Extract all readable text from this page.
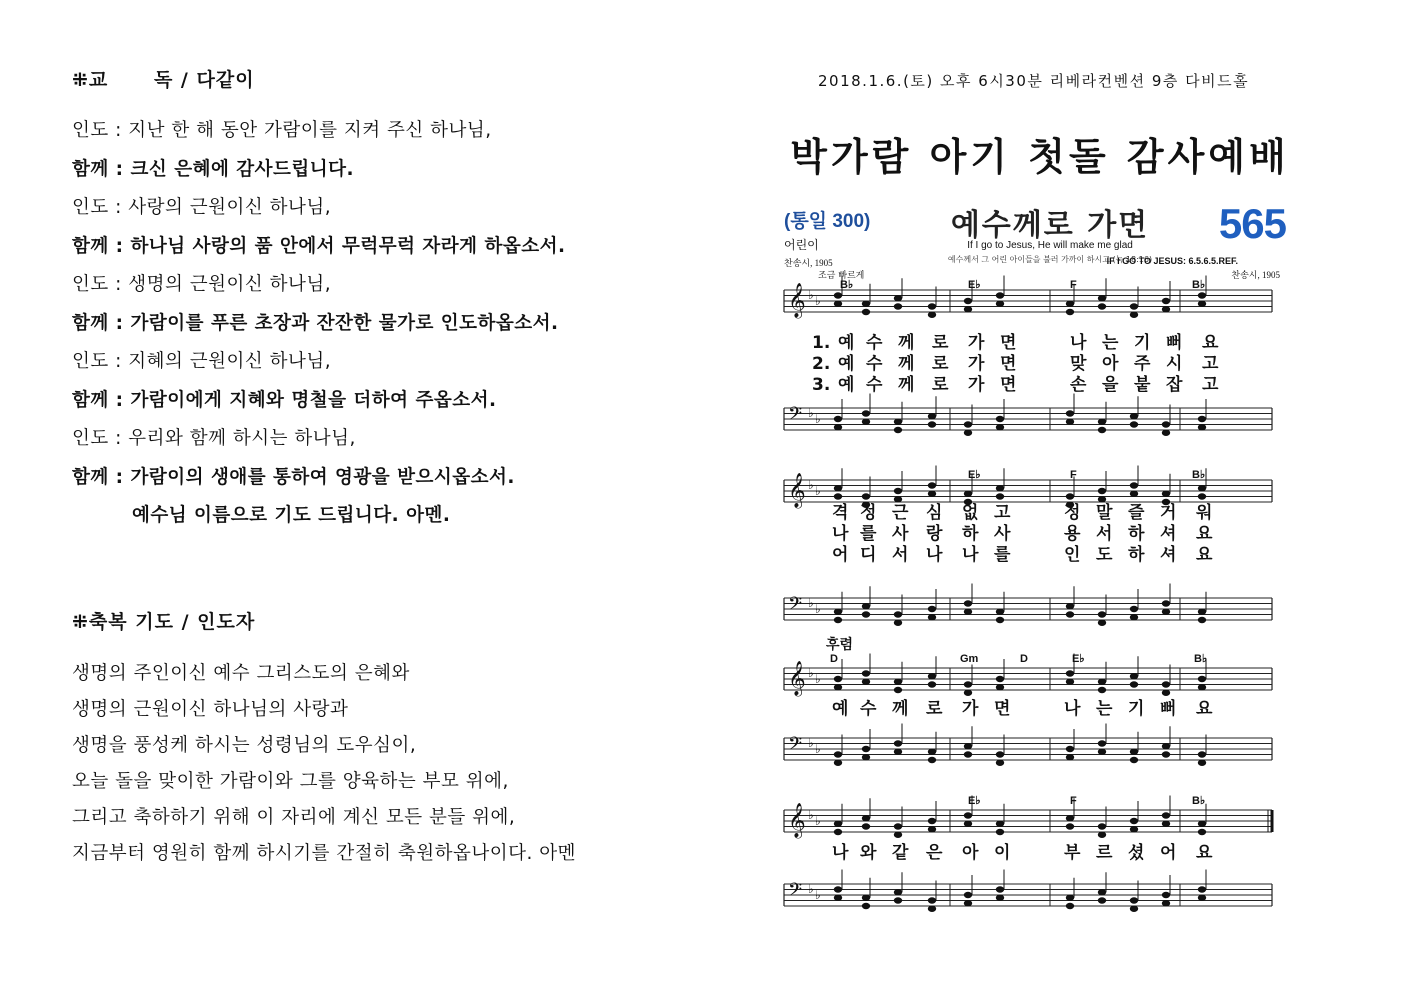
⁜교      독 / 다같이
인도 : 지난 한 해 동안 가람이를 지켜 주신 하나님,
함께 : 크신 은혜에 감사드립니다.
인도 : 사랑의 근원이신 하나님,
함께 : 하나님 사랑의 품 안에서 무럭무럭 자라게 하옵소서.
인도 : 생명의 근원이신 하나님,
함께 : 가람이를 푸른 초장과 잔잔한 물가로 인도하옵소서.
인도 : 지혜의 근원이신 하나님,
함께 : 가람이에게 지혜와 명철을 더하여 주옵소서.
인도 : 우리와 함께 하시는 하나님,
함께 : 가람이의 생애를 통하여 영광을 받으시옵소서.
예수님 이름으로 기도 드립니다. 아멘.
⁜축복 기도 / 인도자
생명의 주인이신 예수 그리스도의 은혜와
생명의 근원이신 하나님의 사랑과
생명을 풍성케 하시는 성령님의 도우심이,
오늘 돌을 맞이한 가람이와 그를 양육하는 부모 위에,
그리고 축하하기 위해 이 자리에 계신 모든 분들 위에,
지금부터 영원히 함께 하시기를 간절히 축원하옵나이다. 아멘
2018.1.6.(토) 오후 6시30분 리베라컨벤션 9층 다비드홀
박가람 아기 첫돌 감사예배
(통일 300)
어린이
예수께로 가면
If I go to Jesus, He will make me glad
예수께서 그 어린 아이들을 불러 가까이 하시고 (눅 18:16)
565
찬송시, 1905
조금 빠르게
IF I GO TO JESUS: 6.5.6.5.REF.
찬송시, 1905
후렴
𝄞 ♭ ♭
𝄢 ♭ ♭
B♭	E♭	F	B♭
1. 예 수 께 로 가 면	나 는 기 뻐 요
2. 예 수 께 로 가 면	맞 아 주 시 고
3. 예 수 께 로 가 면	손 을 붙 잡 고
𝄞 ♭ ♭
𝄢 ♭ ♭
E♭	F	B♭
격 정 근 심 없 고	정 말 즐 거 워
나 를 사 랑 하 사	용 서 하 셔 요
어 디 서 나 나 를	인 도 하 셔 요
𝄞 ♭ ♭
𝄢 ♭ ♭
D	Gm	D	E♭	B♭
예 수 께 로 가 면	나 는 기 뻐 요
𝄞 ♭ ♭
𝄢 ♭ ♭
E♭	F	B♭
나 와 같 은 아 이	부 르 셨 어 요
